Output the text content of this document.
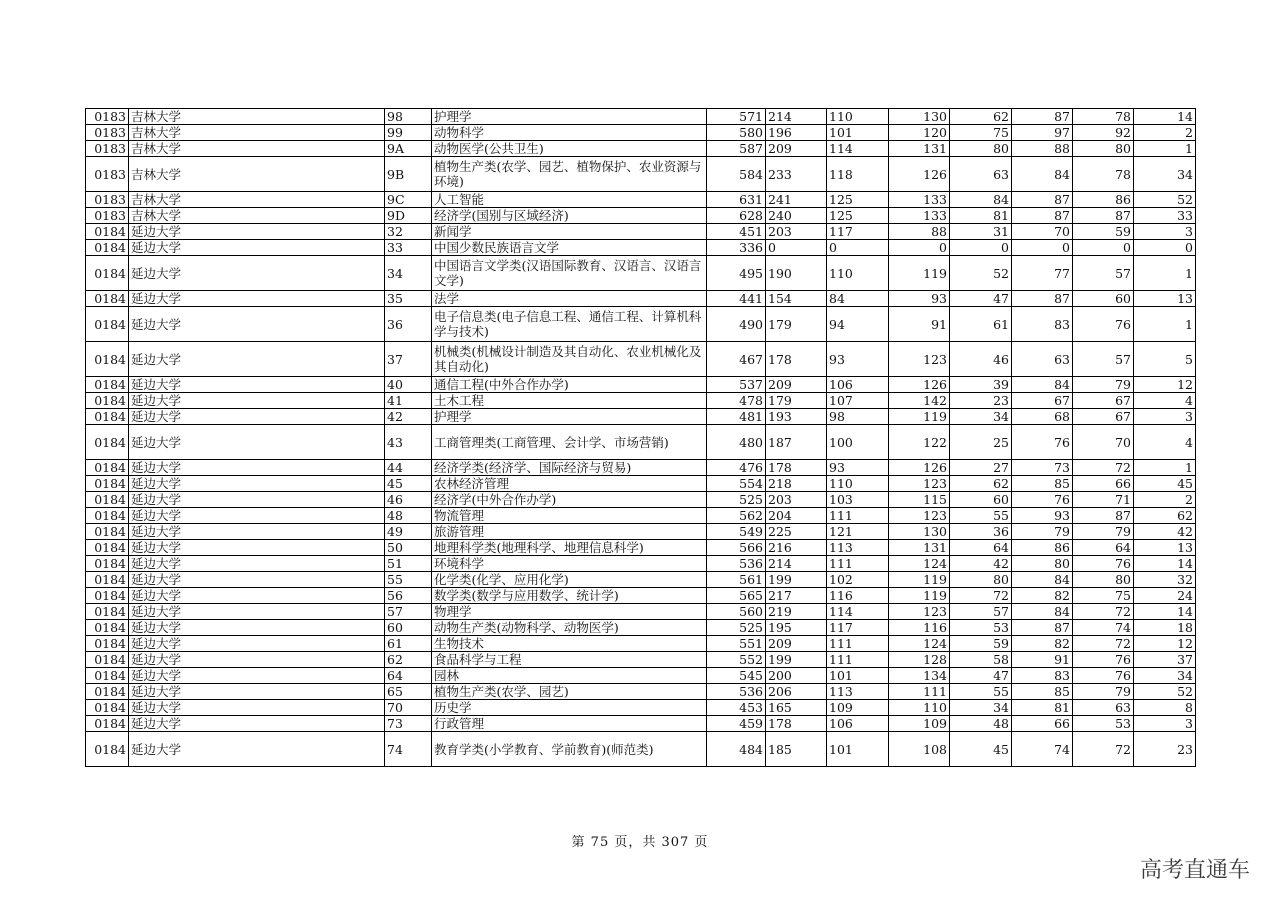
0183	吉林大学	98	护理学	571	214	110	130	62	87	78	14
0183	吉林大学	99	动物科学	580	196	101	120	75	97	92	2
0183	吉林大学	9A	动物医学(公共卫生)	587	209	114	131	80	88	80	1
0183	吉林大学	9B	植物生产类(农学、园艺、植物保护、农业资源与环境)	584	233	118	126	63	84	78	34
0183	吉林大学	9C	人工智能	631	241	125	133	84	87	86	52
0183	吉林大学	9D	经济学(国别与区域经济)	628	240	125	133	81	87	87	33
0184	延边大学	32	新闻学	451	203	117	88	31	70	59	3
0184	延边大学	33	中国少数民族语言文学	336	0	0	0	0	0	0	0
0184	延边大学	34	中国语言文学类(汉语国际教育、汉语言、汉语言文学)	495	190	110	119	52	77	57	1
0184	延边大学	35	法学	441	154	84	93	47	87	60	13
0184	延边大学	36	电子信息类(电子信息工程、通信工程、计算机科学与技术)	490	179	94	91	61	83	76	1
0184	延边大学	37	机械类(机械设计制造及其自动化、农业机械化及其自动化)	467	178	93	123	46	63	57	5
0184	延边大学	40	通信工程(中外合作办学)	537	209	106	126	39	84	79	12
0184	延边大学	41	土木工程	478	179	107	142	23	67	67	4
0184	延边大学	42	护理学	481	193	98	119	34	68	67	3
0184	延边大学	43	工商管理类(工商管理、会计学、市场营销)	480	187	100	122	25	76	70	4
0184	延边大学	44	经济学类(经济学、国际经济与贸易)	476	178	93	126	27	73	72	1
0184	延边大学	45	农林经济管理	554	218	110	123	62	85	66	45
0184	延边大学	46	经济学(中外合作办学)	525	203	103	115	60	76	71	2
0184	延边大学	48	物流管理	562	204	111	123	55	93	87	62
0184	延边大学	49	旅游管理	549	225	121	130	36	79	79	42
0184	延边大学	50	地理科学类(地理科学、地理信息科学)	566	216	113	131	64	86	64	13
0184	延边大学	51	环境科学	536	214	111	124	42	80	76	14
0184	延边大学	55	化学类(化学、应用化学)	561	199	102	119	80	84	80	32
0184	延边大学	56	数学类(数学与应用数学、统计学)	565	217	116	119	72	82	75	24
0184	延边大学	57	物理学	560	219	114	123	57	84	72	14
0184	延边大学	60	动物生产类(动物科学、动物医学)	525	195	117	116	53	87	74	18
0184	延边大学	61	生物技术	551	209	111	124	59	82	72	12
0184	延边大学	62	食品科学与工程	552	199	111	128	58	91	76	37
0184	延边大学	64	园林	545	200	101	134	47	83	76	34
0184	延边大学	65	植物生产类(农学、园艺)	536	206	113	111	55	85	79	52
0184	延边大学	70	历史学	453	165	109	110	34	81	63	8
0184	延边大学	73	行政管理	459	178	106	109	48	66	53	3
0184	延边大学	74	教育学类(小学教育、学前教育)(师范类)	484	185	101	108	45	74	72	23
第 75 页，共 307 页
高考直通车
